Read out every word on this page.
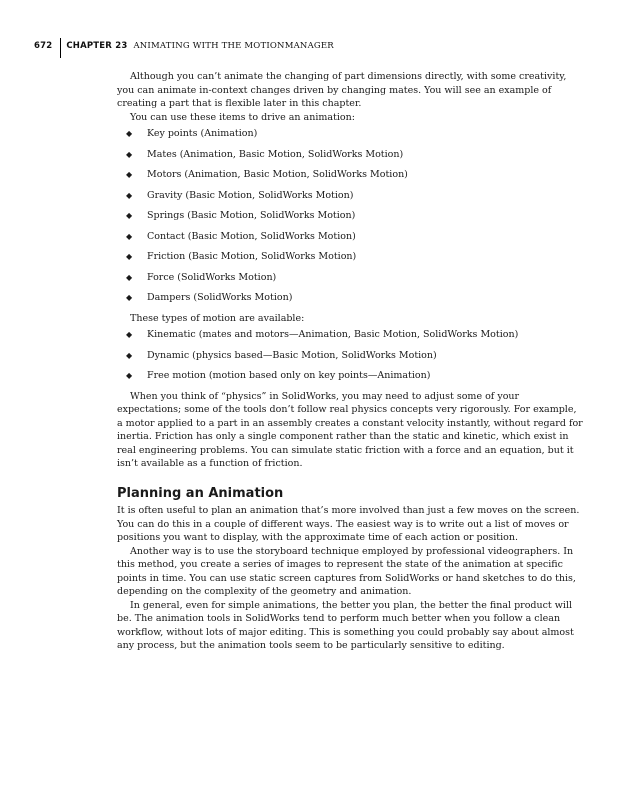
672 CHAPTER 23 ANIMATING WITH THE MOTIONMANAGER

Although you can’t animate the changing of part dimensions directly, with some creativity, you can animate in-context changes driven by changing mates. You will see an example of creating a part that is flexible later in this chapter.

You can use these items to drive an animation:

◆ Key points (Animation)
◆ Mates (Animation, Basic Motion, SolidWorks Motion)
◆ Motors (Animation, Basic Motion, SolidWorks Motion)
◆ Gravity (Basic Motion, SolidWorks Motion)
◆ Springs (Basic Motion, SolidWorks Motion)
◆ Contact (Basic Motion, SolidWorks Motion)
◆ Friction (Basic Motion, SolidWorks Motion)
◆ Force (SolidWorks Motion)
◆ Dampers (SolidWorks Motion)

These types of motion are available:

◆ Kinematic (mates and motors—Animation, Basic Motion, SolidWorks Motion)
◆ Dynamic (physics based—Basic Motion, SolidWorks Motion)
◆ Free motion (motion based only on key points—Animation)

When you think of “physics” in SolidWorks, you may need to adjust some of your expectations; some of the tools don’t follow real physics concepts very rigorously. For example, a motor applied to a part in an assembly creates a constant velocity instantly, without regard for inertia. Friction has only a single component rather than the static and kinetic, which exist in real engineering problems. You can simulate static friction with a force and an equation, but it isn’t available as a function of friction.

Planning an Animation

It is often useful to plan an animation that’s more involved than just a few moves on the screen. You can do this in a couple of different ways. The easiest way is to write out a list of moves or positions you want to display, with the approximate time of each action or position.

Another way is to use the storyboard technique employed by professional videographers. In this method, you create a series of images to represent the state of the animation at specific points in time. You can use static screen captures from SolidWorks or hand sketches to do this, depending on the complexity of the geometry and animation.

In general, even for simple animations, the better you plan, the better the final product will be. The animation tools in SolidWorks tend to perform much better when you follow a clean workflow, without lots of major editing. This is something you could probably say about almost any process, but the animation tools seem to be particularly sensitive to editing.
